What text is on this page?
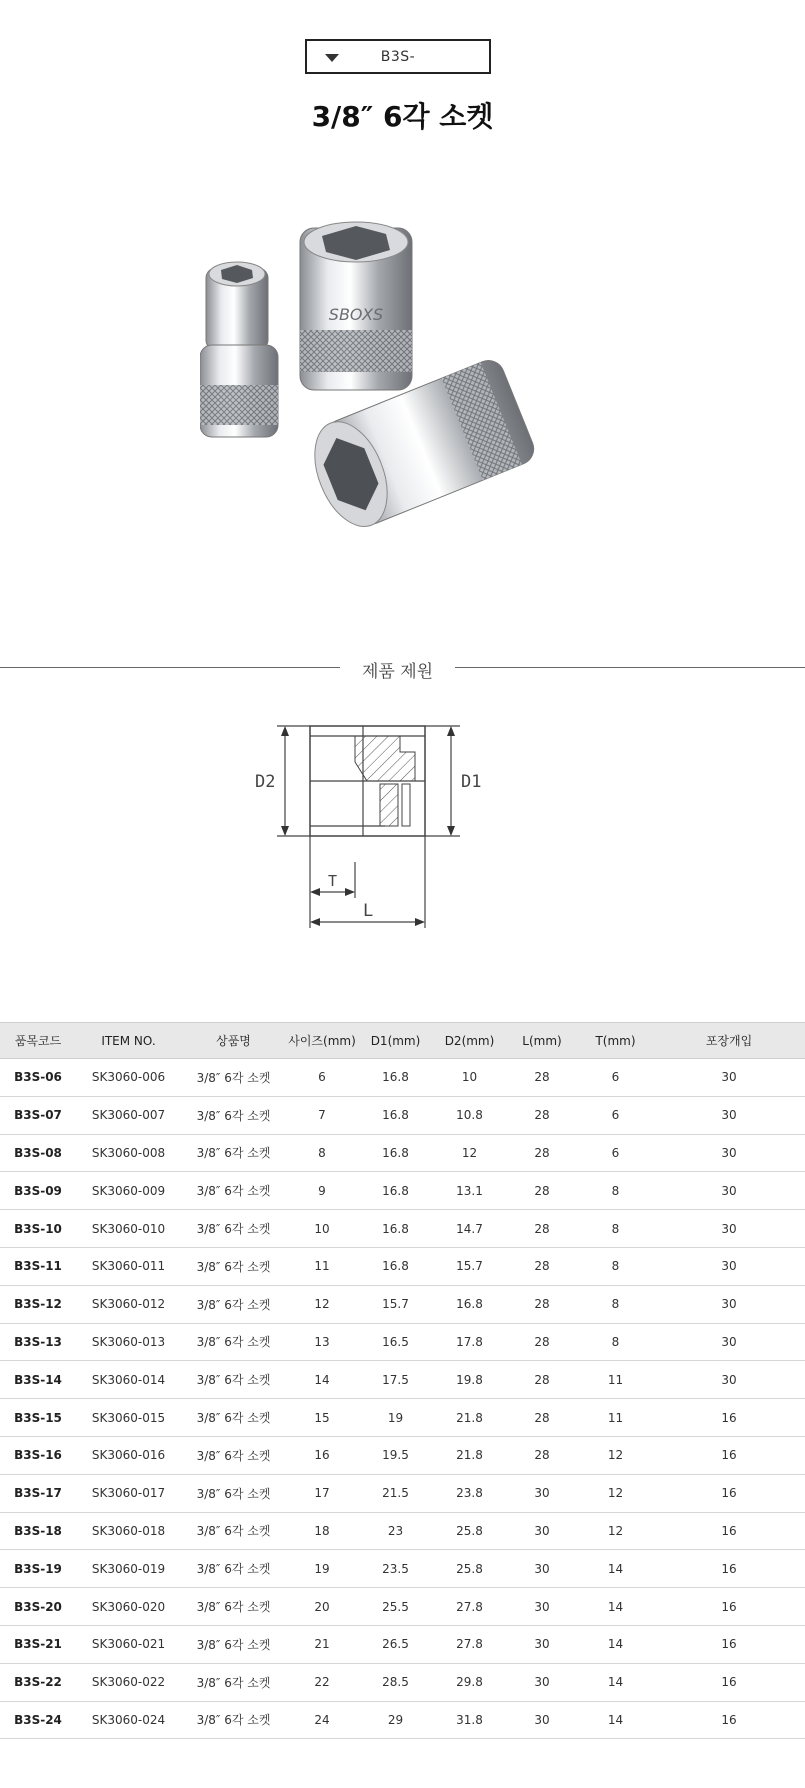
B3S-
3/8″ 6각 소켓
SBOXS
제품 제원
D2	D1
T
L
품목코드	ITEM NO.	상품명	사이즈(mm)	D1(mm)	D2(mm)	L(mm)	T(mm)	포장개입
B3S-06	SK3060-006	3/8″ 6각 소켓	6	16.8	10	28	6	30
B3S-07	SK3060-007	3/8″ 6각 소켓	7	16.8	10.8	28	6	30
B3S-08	SK3060-008	3/8″ 6각 소켓	8	16.8	12	28	6	30
B3S-09	SK3060-009	3/8″ 6각 소켓	9	16.8	13.1	28	8	30
B3S-10	SK3060-010	3/8″ 6각 소켓	10	16.8	14.7	28	8	30
B3S-11	SK3060-011	3/8″ 6각 소켓	11	16.8	15.7	28	8	30
B3S-12	SK3060-012	3/8″ 6각 소켓	12	15.7	16.8	28	8	30
B3S-13	SK3060-013	3/8″ 6각 소켓	13	16.5	17.8	28	8	30
B3S-14	SK3060-014	3/8″ 6각 소켓	14	17.5	19.8	28	11	30
B3S-15	SK3060-015	3/8″ 6각 소켓	15	19	21.8	28	11	16
B3S-16	SK3060-016	3/8″ 6각 소켓	16	19.5	21.8	28	12	16
B3S-17	SK3060-017	3/8″ 6각 소켓	17	21.5	23.8	30	12	16
B3S-18	SK3060-018	3/8″ 6각 소켓	18	23	25.8	30	12	16
B3S-19	SK3060-019	3/8″ 6각 소켓	19	23.5	25.8	30	14	16
B3S-20	SK3060-020	3/8″ 6각 소켓	20	25.5	27.8	30	14	16
B3S-21	SK3060-021	3/8″ 6각 소켓	21	26.5	27.8	30	14	16
B3S-22	SK3060-022	3/8″ 6각 소켓	22	28.5	29.8	30	14	16
B3S-24	SK3060-024	3/8″ 6각 소켓	24	29	31.8	30	14	16
